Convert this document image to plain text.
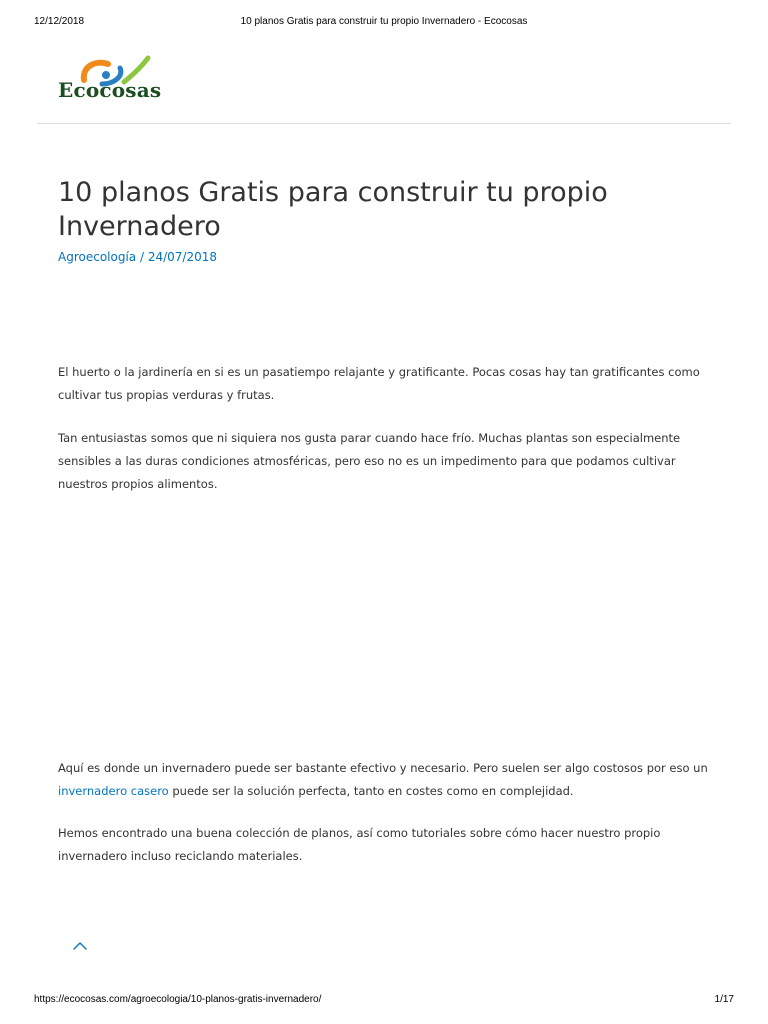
12/12/2018	10 planos Gratis para construir tu propio Invernadero - Ecocosas
Ecocosas
10 planos Gratis para construir tu propio Invernadero
Agroecología / 24/07/2018

El huerto o la jardinería en si es un pasatiempo relajante y gratificante. Pocas cosas hay tan gratificantes como cultivar tus propias verduras y frutas.

Tan entusiastas somos que ni siquiera nos gusta parar cuando hace frío. Muchas plantas son especialmente sensibles a las duras condiciones atmosféricas, pero eso no es un impedimento para que podamos cultivar nuestros propios alimentos.

Aquí es donde un invernadero puede ser bastante efectivo y necesario. Pero suelen ser algo costosos por eso un invernadero casero puede ser la solución perfecta, tanto en costes como en complejidad.

Hemos encontrado una buena colección de planos, así como tutoriales sobre cómo hacer nuestro propio invernadero incluso reciclando materiales.

https://ecocosas.com/agroecologia/10-planos-gratis-invernadero/	1/17
